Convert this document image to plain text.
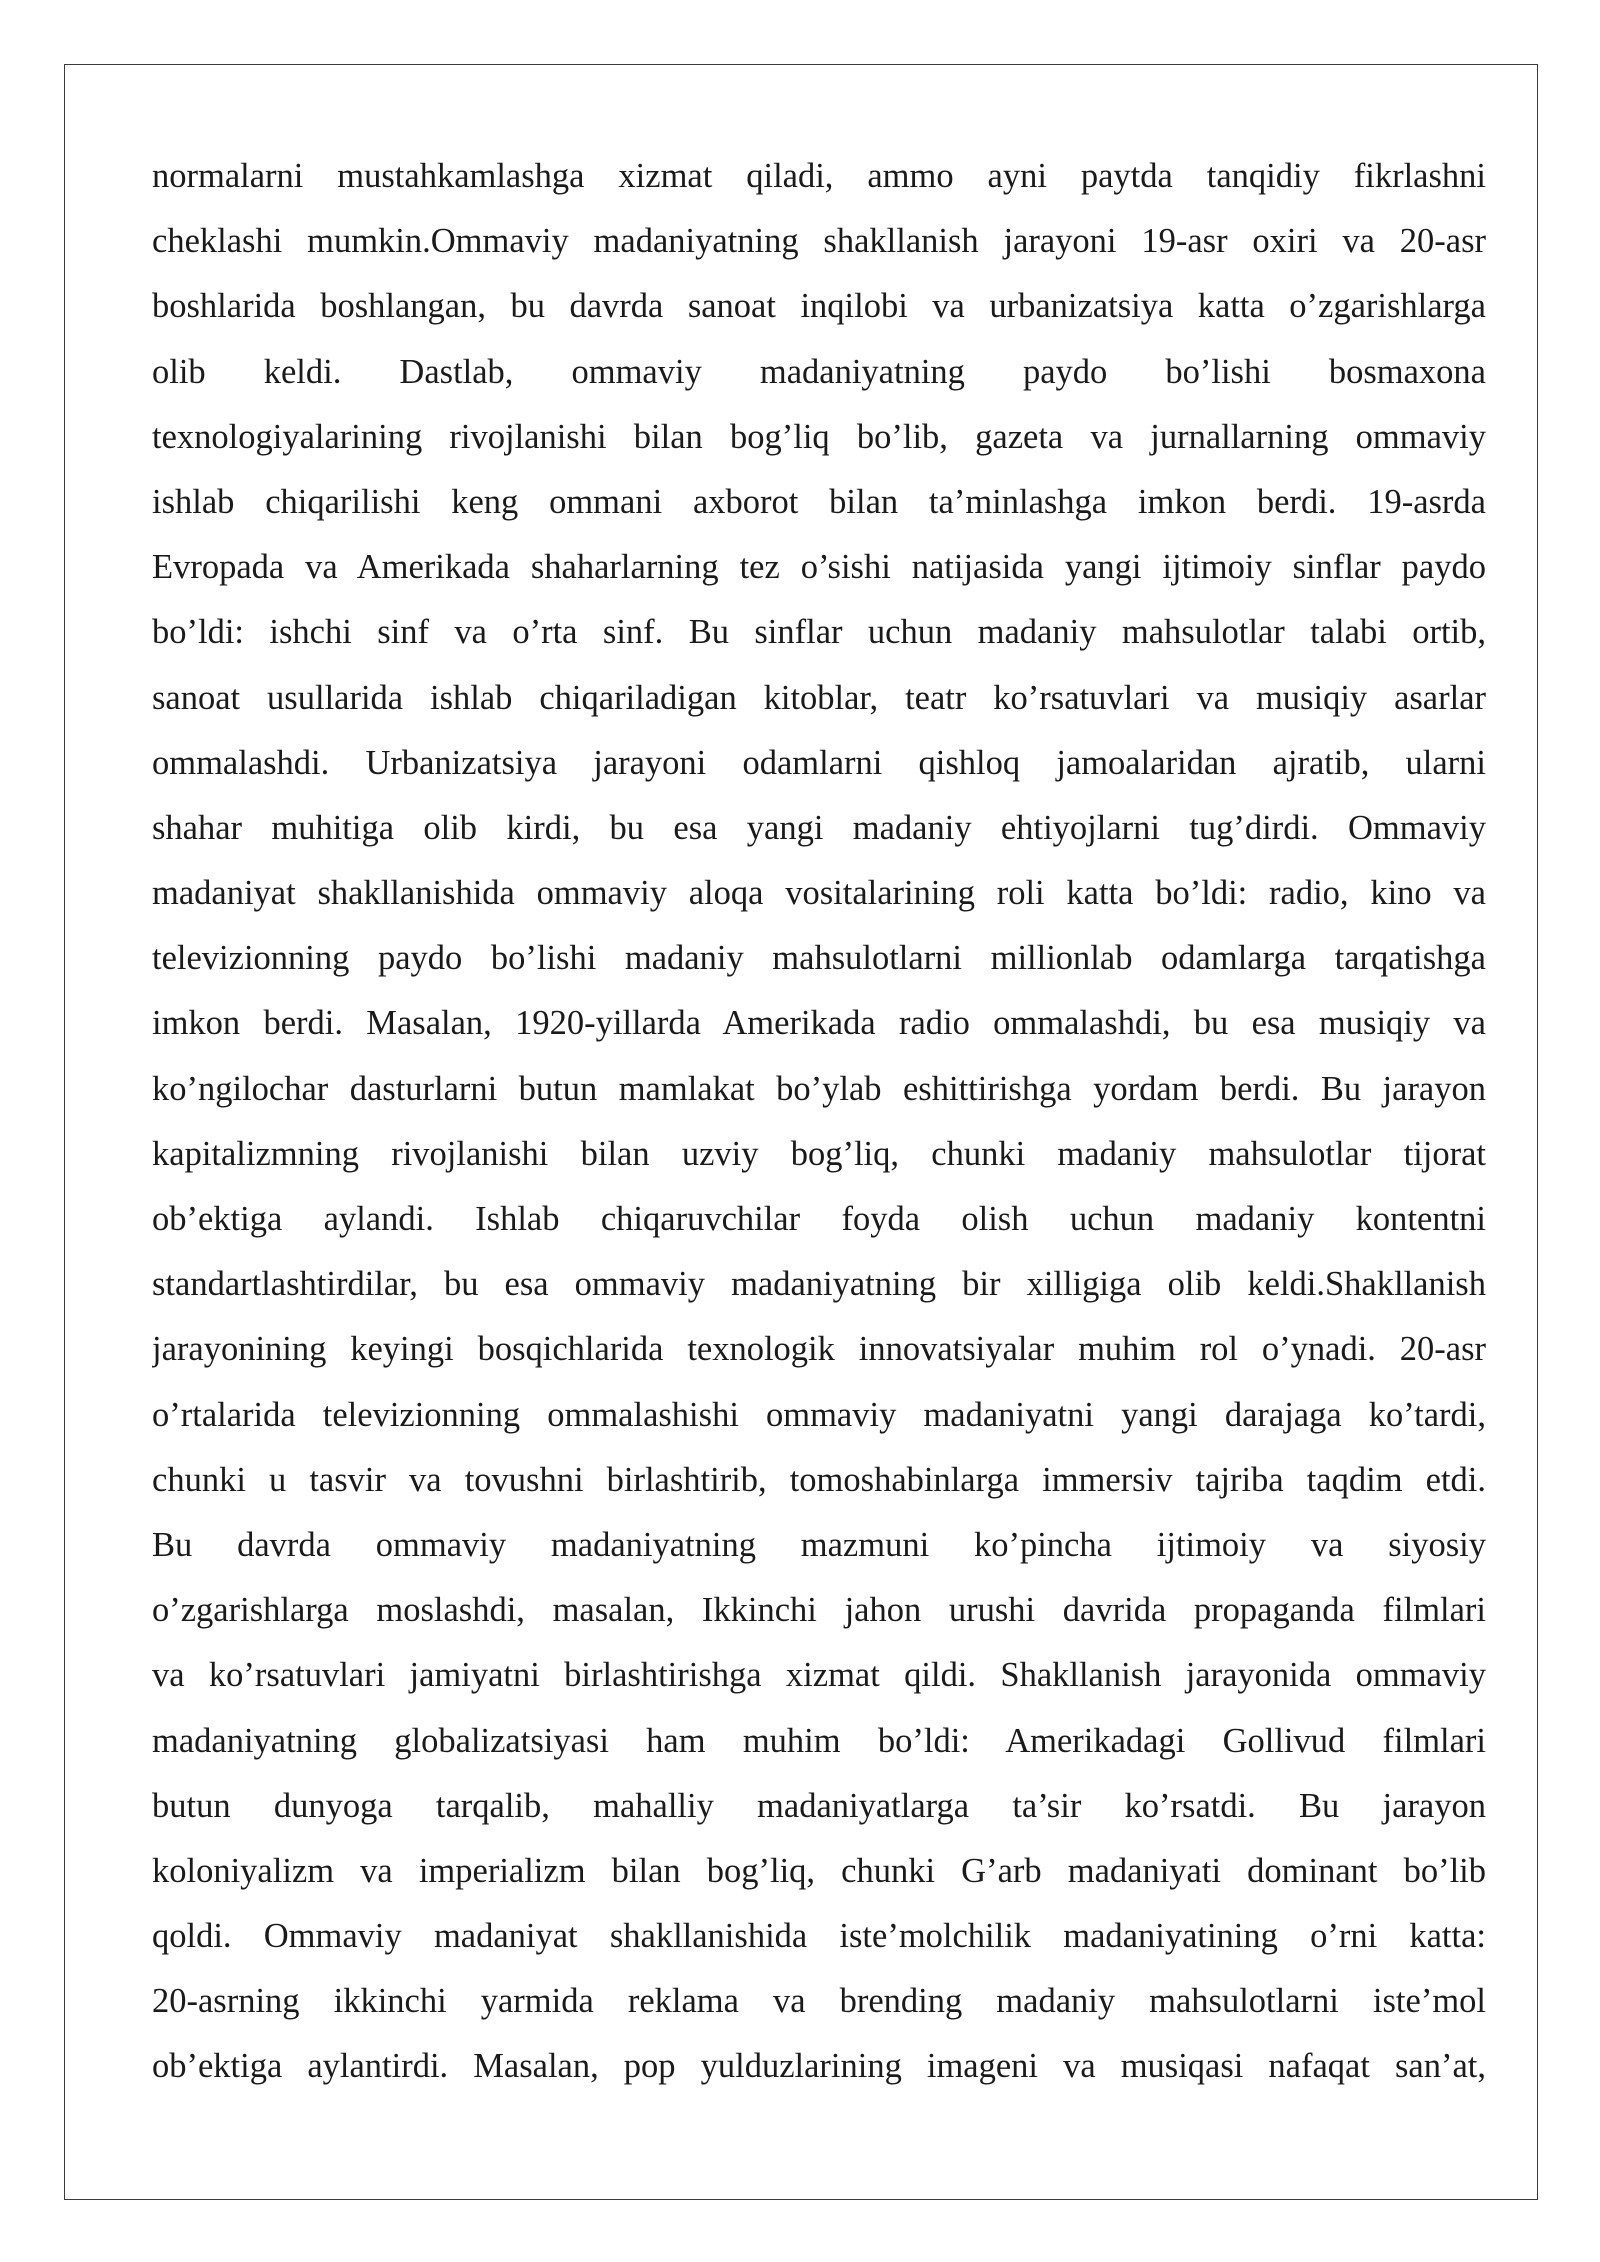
normalarni mustahkamlashga xizmat qiladi, ammo ayni paytda tanqidiy fikrlashni
cheklashi mumkin.Ommaviy madaniyatning shakllanish jarayoni 19-asr oxiri va 20-asr
boshlarida boshlangan, bu davrda sanoat inqilobi va urbanizatsiya katta o’zgarishlarga
olib keldi. Dastlab, ommaviy madaniyatning paydo bo’lishi bosmaxona
texnologiyalarining rivojlanishi bilan bog’liq bo’lib, gazeta va jurnallarning ommaviy
ishlab chiqarilishi keng ommani axborot bilan ta’minlashga imkon berdi. 19-asrda
Evropada va Amerikada shaharlarning tez o’sishi natijasida yangi ijtimoiy sinflar paydo
bo’ldi: ishchi sinf va o’rta sinf. Bu sinflar uchun madaniy mahsulotlar talabi ortib,
sanoat usullarida ishlab chiqariladigan kitoblar, teatr ko’rsatuvlari va musiqiy asarlar
ommalashdi. Urbanizatsiya jarayoni odamlarni qishloq jamoalaridan ajratib, ularni
shahar muhitiga olib kirdi, bu esa yangi madaniy ehtiyojlarni tug’dirdi. Ommaviy
madaniyat shakllanishida ommaviy aloqa vositalarining roli katta bo’ldi: radio, kino va
televizionning paydo bo’lishi madaniy mahsulotlarni millionlab odamlarga tarqatishga
imkon berdi. Masalan, 1920-yillarda Amerikada radio ommalashdi, bu esa musiqiy va
ko’ngilochar dasturlarni butun mamlakat bo’ylab eshittirishga yordam berdi. Bu jarayon
kapitalizmning rivojlanishi bilan uzviy bog’liq, chunki madaniy mahsulotlar tijorat
ob’ektiga aylandi. Ishlab chiqaruvchilar foyda olish uchun madaniy kontentni
standartlashtirdilar, bu esa ommaviy madaniyatning bir xilligiga olib keldi.Shakllanish
jarayonining keyingi bosqichlarida texnologik innovatsiyalar muhim rol o’ynadi. 20-asr
o’rtalarida televizionning ommalashishi ommaviy madaniyatni yangi darajaga ko’tardi,
chunki u tasvir va tovushni birlashtirib, tomoshabinlarga immersiv tajriba taqdim etdi.
Bu davrda ommaviy madaniyatning mazmuni ko’pincha ijtimoiy va siyosiy
o’zgarishlarga moslashdi, masalan, Ikkinchi jahon urushi davrida propaganda filmlari
va ko’rsatuvlari jamiyatni birlashtirishga xizmat qildi. Shakllanish jarayonida ommaviy
madaniyatning globalizatsiyasi ham muhim bo’ldi: Amerikadagi Gollivud filmlari
butun dunyoga tarqalib, mahalliy madaniyatlarga ta’sir ko’rsatdi. Bu jarayon
koloniyalizm va imperializm bilan bog’liq, chunki G’arb madaniyati dominant bo’lib
qoldi. Ommaviy madaniyat shakllanishida iste’molchilik madaniyatining o’rni katta:
20-asrning ikkinchi yarmida reklama va brending madaniy mahsulotlarni iste’mol
ob’ektiga aylantirdi. Masalan, pop yulduzlarining imageni va musiqasi nafaqat san’at,
